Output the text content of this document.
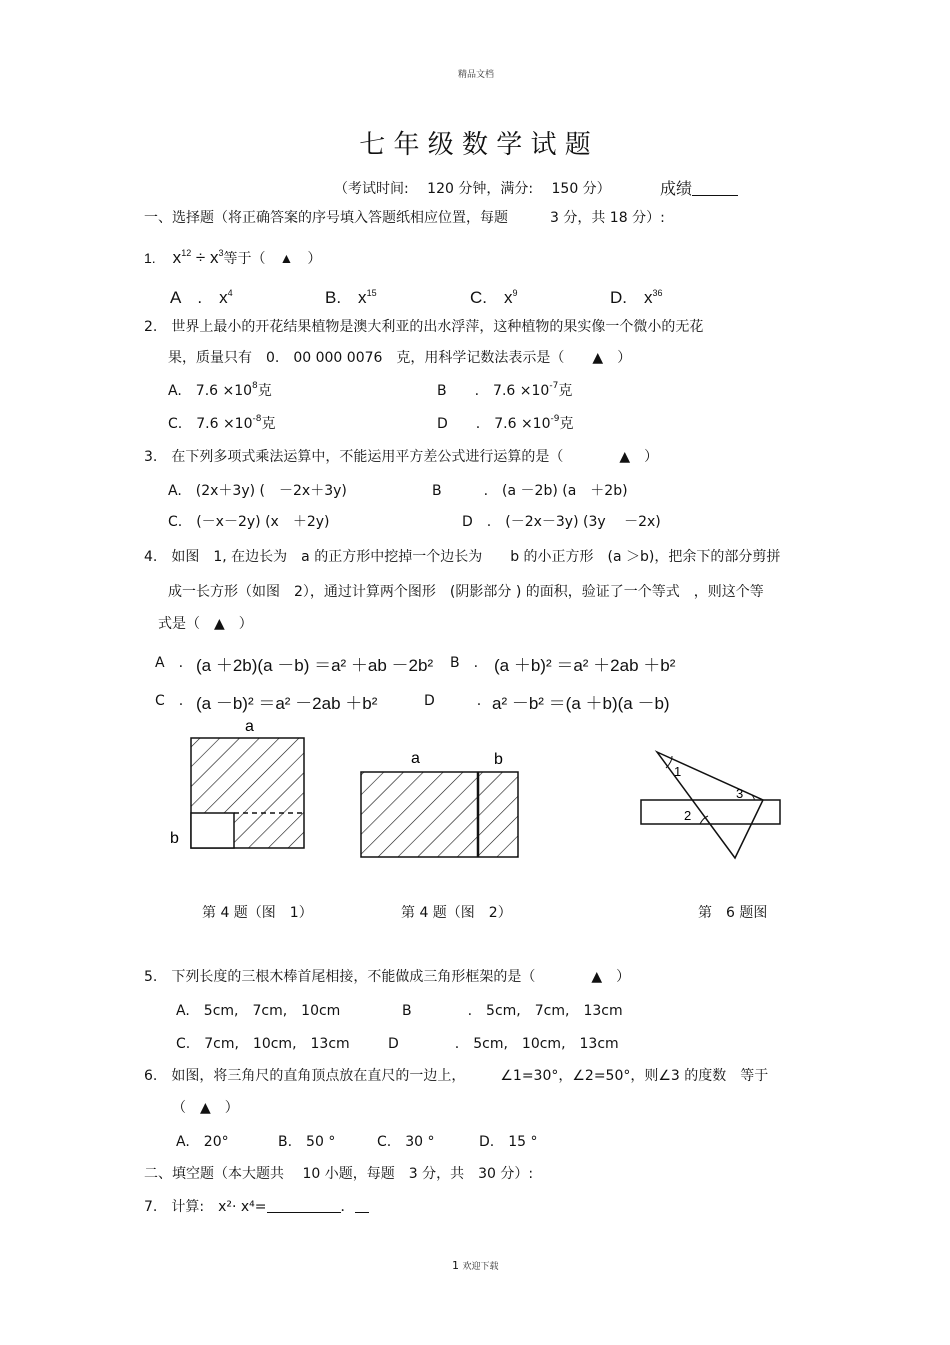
精品文档
七 年 级 数 学 试 题
（考试时间:　 120 分钟，满分:　 150 分）	成绩
一、选择题（将正确答案的序号填入答题纸相应位置，每题　　　3 分，共 18 分）:
1.　$x^{12} \div x^3$等于（　▲　）
A　.　$x^4$	B.　$x^{15}$	C.　$x^9$	D.　$x^{36}$
2.　世界上最小的开花结果植物是澳大利亚的出水浮萍，这种植物的果实像一个微小的无花
果，质量只有　0.　00 000 0076　克，用科学记数法表示是（　　▲　）
A.　$7.6 \times 10^8$克	B　　.　$7.6 \times 10^{-7}$克
C.　$7.6 \times 10^{-8}$克	D　　.　$7.6 \times 10^{-9}$克
3.　在下列多项式乘法运算中，不能运用平方差公式进行运算的是（　　　　▲　）
A.　(2x＋3y) (　－2x＋3y)	B　　　.　(a －2b) (a　＋2b)
C.　(－x－2y) (x　＋2y)	D　.　(－2x－3y) (3y　 －2x)
4.　如图　1, 在边长为　a 的正方形中挖掉一个边长为　　b 的小正方形　(a ＞b)，把余下的部分剪拼
成一长方形（如图　2），通过计算两个图形　(阴影部分 ) 的面积，验证了一个等式　，则这个等
式是（　▲　）
A　. (a ＋2b)(a －b) ＝a² ＋ab －2b² B　. (a ＋b)² ＝a² ＋2ab ＋b²
C　. (a －b)² ＝a² －2ab ＋b²	D　　　. a² －b² ＝(a ＋b)(a －b)
a
b
a	b
1
2
3
第 4 题（图　1）	第 4 题（图　2）	第　6 题图
5.　下列长度的三根木棒首尾相接，不能做成三角形框架的是（　　　　▲　）
A.　5cm,　7cm,　10cm	B　　　　.　5cm,　7cm,　13cm
C.　7cm,　10cm,　13cm	D　　　　.　5cm,　10cm,　13cm
6.　如图，将三角尺的直角顶点放在直尺的一边上，　　　∠1=30°，∠2=50°，则∠3 的度数　等于
（　▲　）
A.　20°	B.　50 °	C.　30 °	D.　15 °
二、填空题（本大题共　 10 小题，每题　3 分，共　30 分）:
7.　计算:　x²· x⁴=	．
1 欢迎下载
